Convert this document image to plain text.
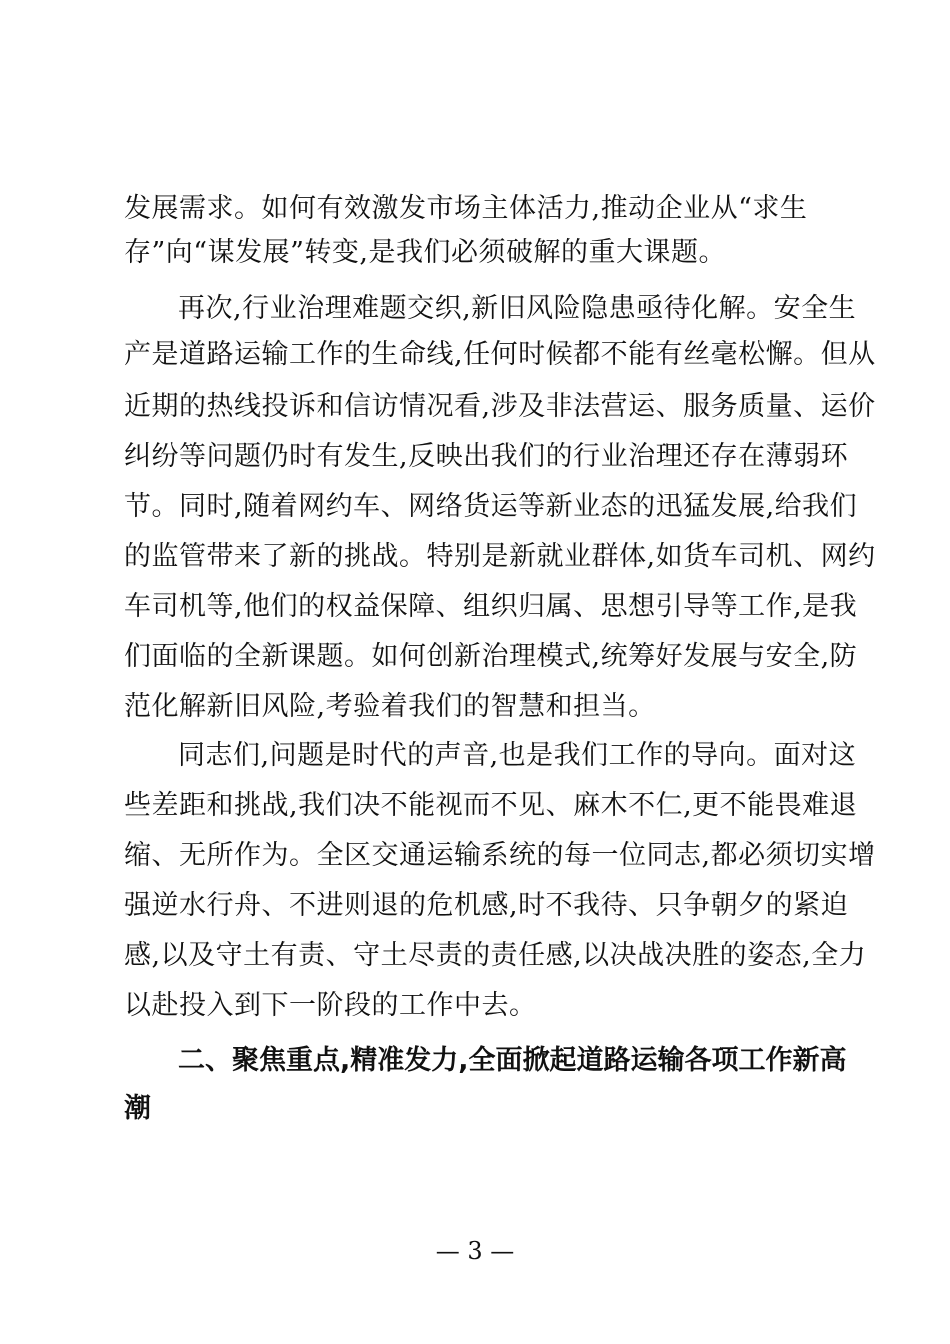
发展需求。如何有效激发市场主体活力,推动企业从“求生
存”向“谋发展”转变,是我们必须破解的重大课题。
再次,行业治理难题交织,新旧风险隐患亟待化解。安全生
产是道路运输工作的生命线,任何时候都不能有丝毫松懈。但从
近期的热线投诉和信访情况看,涉及非法营运、服务质量、运价
纠纷等问题仍时有发生,反映出我们的行业治理还存在薄弱环
节。同时,随着网约车、网络货运等新业态的迅猛发展,给我们
的监管带来了新的挑战。特别是新就业群体,如货车司机、网约
车司机等,他们的权益保障、组织归属、思想引导等工作,是我
们面临的全新课题。如何创新治理模式,统筹好发展与安全,防
范化解新旧风险,考验着我们的智慧和担当。
同志们,问题是时代的声音,也是我们工作的导向。面对这
些差距和挑战,我们决不能视而不见、麻木不仁,更不能畏难退
缩、无所作为。全区交通运输系统的每一位同志,都必须切实增
强逆水行舟、不进则退的危机感,时不我待、只争朝夕的紧迫
感,以及守土有责、守土尽责的责任感,以决战决胜的姿态,全力
以赴投入到下一阶段的工作中去。
二、聚焦重点,精准发力,全面掀起道路运输各项工作新高
潮
— 3 —
